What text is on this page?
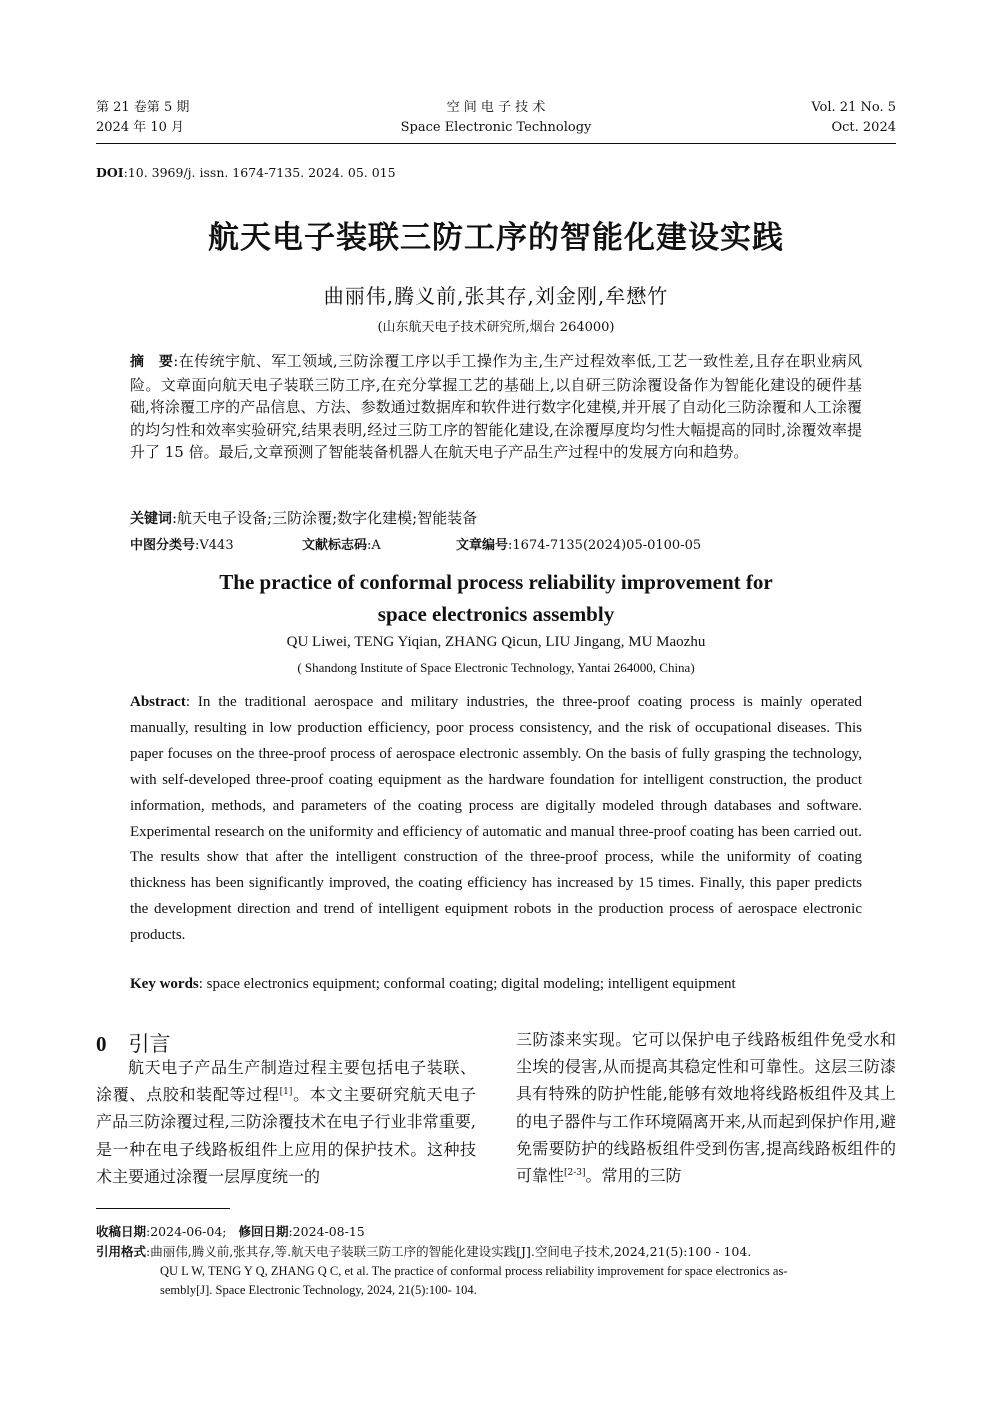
第 21 卷第 5 期
2024 年 10 月
空 间 电 子 技 术
Space Electronic Technology
Vol. 21 No. 5
Oct. 2024
DOI:10. 3969/j. issn. 1674-7135. 2024. 05. 015
航天电子装联三防工序的智能化建设实践
曲丽伟,腾义前,张其存,刘金刚,牟懋竹
(山东航天电子技术研究所,烟台 264000)
摘　要:在传统宇航、军工领域,三防涂覆工序以手工操作为主,生产过程效率低,工艺一致性差,且存在职业病风险。文章面向航天电子装联三防工序,在充分掌握工艺的基础上,以自研三防涂覆设备作为智能化建设的硬件基础,将涂覆工序的产品信息、方法、参数通过数据库和软件进行数字化建模,并开展了自动化三防涂覆和人工涂覆的均匀性和效率实验研究,结果表明,经过三防工序的智能化建设,在涂覆厚度均匀性大幅提高的同时,涂覆效率提升了 15 倍。最后,文章预测了智能装备机器人在航天电子产品生产过程中的发展方向和趋势。
关键词:航天电子设备;三防涂覆;数字化建模;智能装备
中图分类号:V443	文献标志码:A	文章编号:1674-7135(2024)05-0100-05
The practice of conformal process reliability improvement for
space electronics assembly
QU Liwei, TENG Yiqian, ZHANG Qicun, LIU Jingang, MU Maozhu
( Shandong Institute of Space Electronic Technology, Yantai 264000, China)
Abstract: In the traditional aerospace and military industries, the three-proof coating process is mainly operated manually, resulting in low production efficiency, poor process consistency, and the risk of occupational diseases. This paper focuses on the three-proof process of aerospace electronic assembly. On the basis of fully grasping the technology, with self-developed three-proof coating equipment as the hardware foundation for intelligent construction, the product information, methods, and parameters of the coating process are digitally modeled through databases and software. Experimental research on the uniformity and efficiency of automatic and manual three-proof coating has been carried out. The results show that after the intelligent construction of the three-proof process, while the uniformity of coating thickness has been significantly improved, the coating efficiency has increased by 15 times. Finally, this paper predicts the development direction and trend of intelligent equipment robots in the production process of aerospace electronic products.
Key words: space electronics equipment; conformal coating; digital modeling; intelligent equipment
0 引言
航天电子产品生产制造过程主要包括电子装联、涂覆、点胶和装配等过程[1]。本文主要研究航天电子产品三防涂覆过程,三防涂覆技术在电子行业非常重要,是一种在电子线路板组件上应用的保护技术。这种技术主要通过涂覆一层厚度统一的
三防漆来实现。它可以保护电子线路板组件免受水和尘埃的侵害,从而提高其稳定性和可靠性。这层三防漆具有特殊的防护性能,能够有效地将线路板组件及其上的电子器件与工作环境隔离开来,从而起到保护作用,避免需要防护的线路板组件受到伤害,提高线路板组件的可靠性[2-3]。常用的三防
收稿日期:2024-06-04; 修回日期:2024-08-15
引用格式:曲丽伟,腾义前,张其存,等.航天电子装联三防工序的智能化建设实践[J].空间电子技术,2024,21(5):100 - 104.
QU L W, TENG Y Q, ZHANG Q C, et al. The practice of conformal process reliability improvement for space electronics as-
sembly[J]. Space Electronic Technology, 2024, 21(5):100- 104.
